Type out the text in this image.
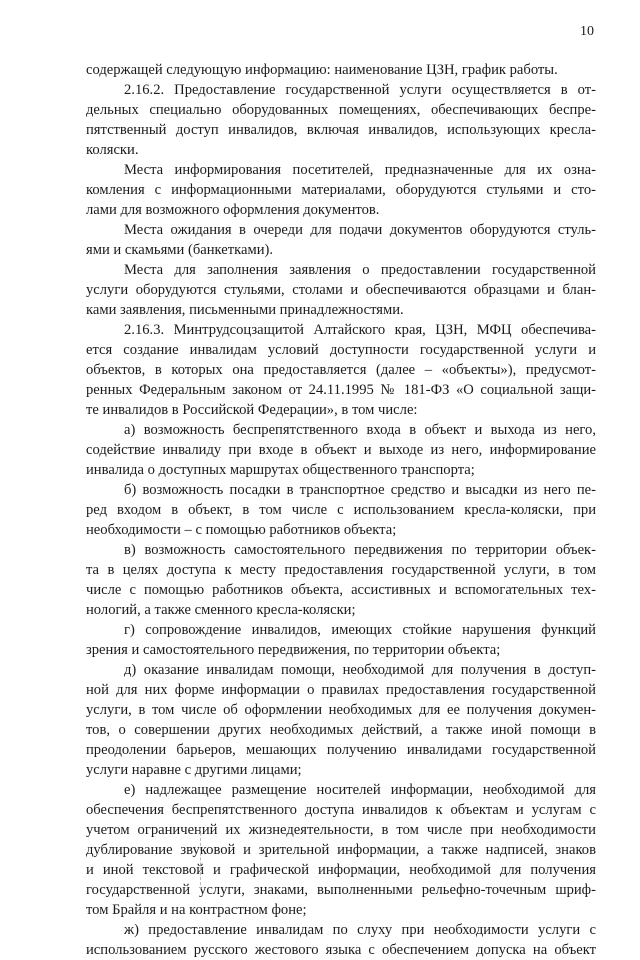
10
содержащей следующую информацию: наименование ЦЗН, график работы.
2.16.2. Предоставление государственной услуги осуществляется в от-
дельных специально оборудованных помещениях, обеспечивающих беспре-
пятственный доступ инвалидов, включая инвалидов, использующих кресла-
коляски.
Места информирования посетителей, предназначенные для их озна-
комления с информационными материалами, оборудуются стульями и сто-
лами для возможного оформления документов.
Места ожидания в очереди для подачи документов оборудуются стуль-
ями и скамьями (банкетками).
Места для заполнения заявления о предоставлении государственной
услуги оборудуются стульями, столами и обеспечиваются образцами и блан-
ками заявления, письменными принадлежностями.
2.16.3. Минтрудсоцзащитой Алтайского края, ЦЗН, МФЦ обеспечива-
ется создание инвалидам условий доступности государственной услуги и
объектов, в которых она предоставляется (далее – «объекты»), предусмот-
ренных Федеральным законом от 24.11.1995 № 181-ФЗ «О социальной защи-
те инвалидов в Российской Федерации», в том числе:
а) возможность беспрепятственного входа в объект и выхода из него,
содействие инвалиду при входе в объект и выходе из него, информирование
инвалида о доступных маршрутах общественного транспорта;
б) возможность посадки в транспортное средство и высадки из него пе-
ред входом в объект, в том числе с использованием кресла-коляски, при
необходимости – с помощью работников объекта;
в) возможность самостоятельного передвижения по территории объек-
та в целях доступа к месту предоставления государственной услуги, в том
числе с помощью работников объекта, ассистивных и вспомогательных тех-
нологий, а также сменного кресла-коляски;
г) сопровождение инвалидов, имеющих стойкие нарушения функций
зрения и самостоятельного передвижения, по территории объекта;
д) оказание инвалидам помощи, необходимой для получения в доступ-
ной для них форме информации о правилах предоставления государственной
услуги, в том числе об оформлении необходимых для ее получения докумен-
тов, о совершении других необходимых действий, а также иной помощи в
преодолении барьеров, мешающих получению инвалидами государственной
услуги наравне с другими лицами;
е) надлежащее размещение носителей информации, необходимой для
обеспечения беспрепятственного доступа инвалидов к объектам и услугам с
учетом ограничений их жизнедеятельности, в том числе при необходимости
дублирование звуковой и зрительной информации, а также надписей, знаков
и иной текстовой и графической информации, необходимой для получения
государственной услуги, знаками, выполненными рельефно-точечным шриф-
том Брайля и на контрастном фоне;
ж) предоставление инвалидам по слуху при необходимости услуги с
использованием русского жестового языка с обеспечением допуска на объект
